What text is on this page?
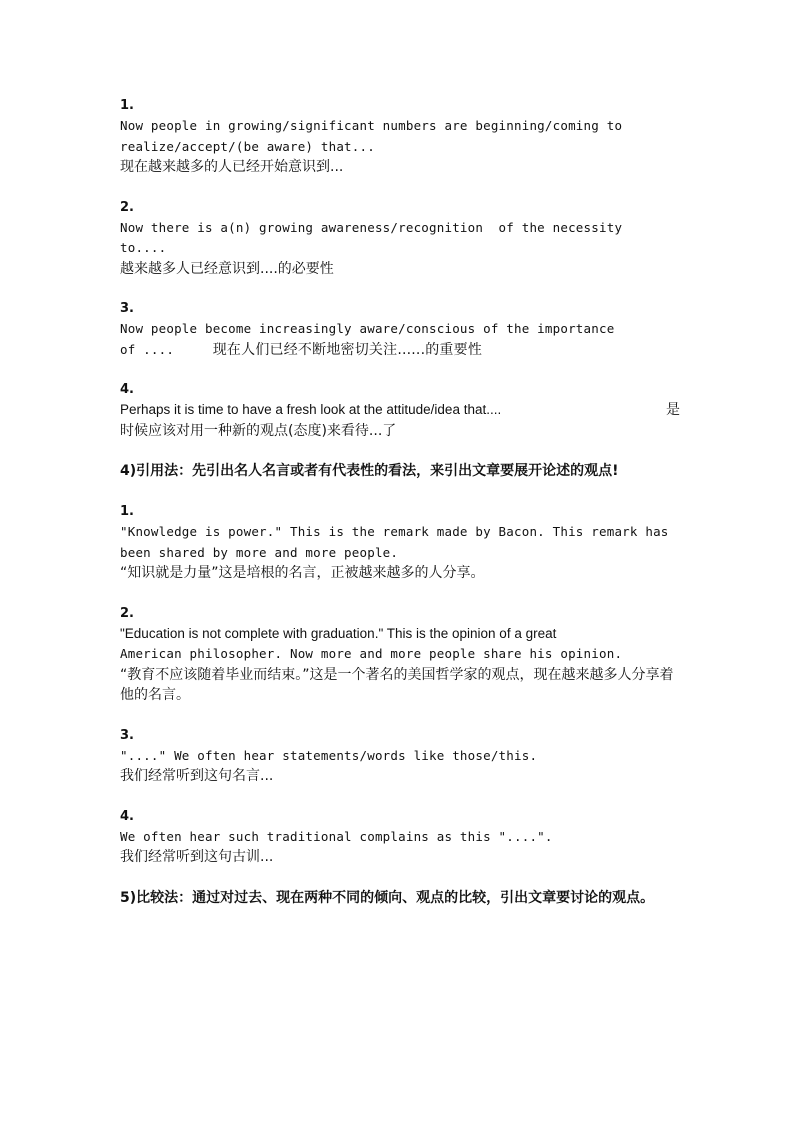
1.
Now people in growing/significant numbers are beginning/coming to
realize/accept/(be aware) that...
现在越来越多的人已经开始意识到...
2.
Now there is a(n) growing awareness/recognition  of the necessity
to....
越来越多人已经意识到....的必要性
3.
Now people become increasingly aware/conscious of the importance
of ....	现在人们已经不断地密切关注......的重要性
4.
Perhaps it is time to have a fresh look at the attitude/idea that....	是
时候应该对用一种新的观点(态度)来看待...了
4)引用法：先引出名人名言或者有代表性的看法，来引出文章要展开论述的观点!
1.
"Knowledge is power." This is the remark made by Bacon. This remark has
been shared by more and more people.
“知识就是力量”这是培根的名言，正被越来越多的人分享。
2.
"Education is not complete with graduation." This is the opinion of a great
American philosopher. Now more and more people share his opinion.
“教育不应该随着毕业而结束。”这是一个著名的美国哲学家的观点，现在越来越多人分享着他的名言。
3.
"...." We often hear statements/words like those/this.
我们经常听到这句名言...
4.
We often hear such traditional complains as this "....".
我们经常听到这句古训...
5)比较法：通过对过去、现在两种不同的倾向、观点的比较，引出文章要讨论的观点。
